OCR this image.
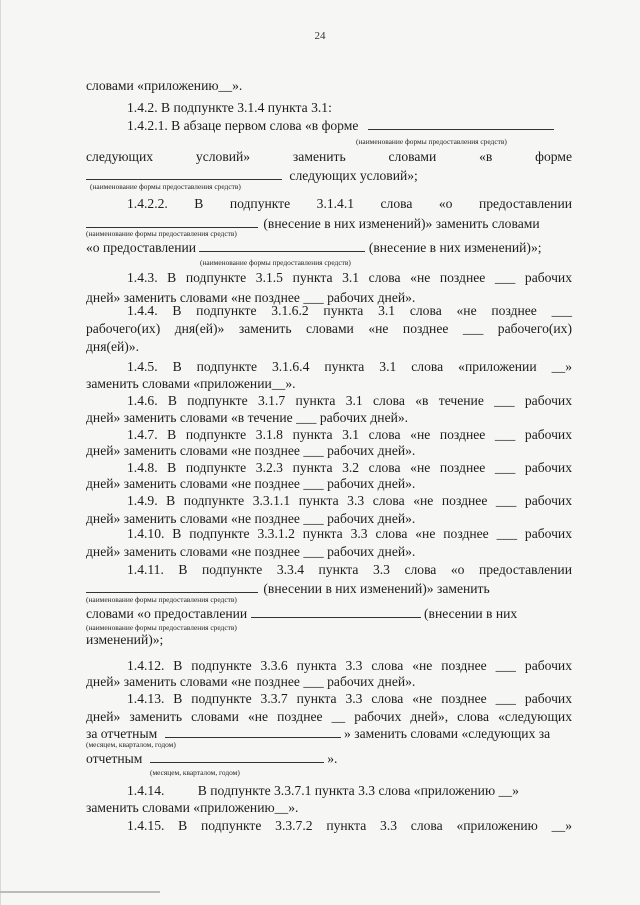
24
словами «приложению__».
1.4.2. В подпункте 3.1.4 пункта 3.1:
1.4.2.1. В абзаце первом слова «в форме
(наименование формы предоставления средств)
следующих условий» заменить словами «в форме
следующих условий»;
(наименование формы предоставления средств)
1.4.2.2. В подпункте 3.1.4.1 слова «о предоставлении
(внесение в них изменений)» заменить словами
(наименование формы предоставления средств)
«о предоставлении	(внесение в них изменений)»;
(наименование формы предоставления средств)
1.4.3. В подпункте 3.1.5 пункта 3.1 слова «не позднее ___ рабочих
дней» заменить словами «не позднее ___ рабочих дней».
1.4.4. В подпункте 3.1.6.2 пункта 3.1 слова «не позднее ___
рабочего(их) дня(ей)» заменить словами «не позднее ___ рабочего(их)
дня(ей)».
1.4.5. В подпункте 3.1.6.4 пункта 3.1 слова «приложении __»
заменить словами «приложении__».
1.4.6. В подпункте 3.1.7 пункта 3.1 слова «в течение ___ рабочих
дней» заменить словами «в течение ___ рабочих дней».
1.4.7. В подпункте 3.1.8 пункта 3.1 слова «не позднее ___ рабочих
дней» заменить словами «не позднее ___ рабочих дней».
1.4.8. В подпункте 3.2.3 пункта 3.2 слова «не позднее ___ рабочих
дней» заменить словами «не позднее ___ рабочих дней».
1.4.9. В подпункте 3.3.1.1 пункта 3.3 слова «не позднее ___ рабочих
дней» заменить словами «не позднее ___ рабочих дней».
1.4.10. В подпункте 3.3.1.2 пункта 3.3 слова «не позднее ___ рабочих
дней» заменить словами «не позднее ___ рабочих дней».
1.4.11. В подпункте 3.3.4 пункта 3.3 слова «о предоставлении
(внесении в них изменений)» заменить
(наименование формы предоставления средств)
словами «о предоставлении	(внесении в них
(наименование формы предоставления средств)
изменений)»;
1.4.12. В подпункте 3.3.6 пункта 3.3 слова «не позднее ___ рабочих
дней» заменить словами «не позднее ___ рабочих дней».
1.4.13. В подпункте 3.3.7 пункта 3.3 слова «не позднее ___ рабочих
дней» заменить словами «не позднее __ рабочих дней», слова «следующих
за отчетным	» заменить словами «следующих за
(месяцем, кварталом, годом)
отчетным	».
(месяцем, кварталом, годом)
1.4.14. В подпункте 3.3.7.1 пункта 3.3 слова «приложению __»
заменить словами «приложению__».
1.4.15. В подпункте 3.3.7.2 пункта 3.3 слова «приложению __»
